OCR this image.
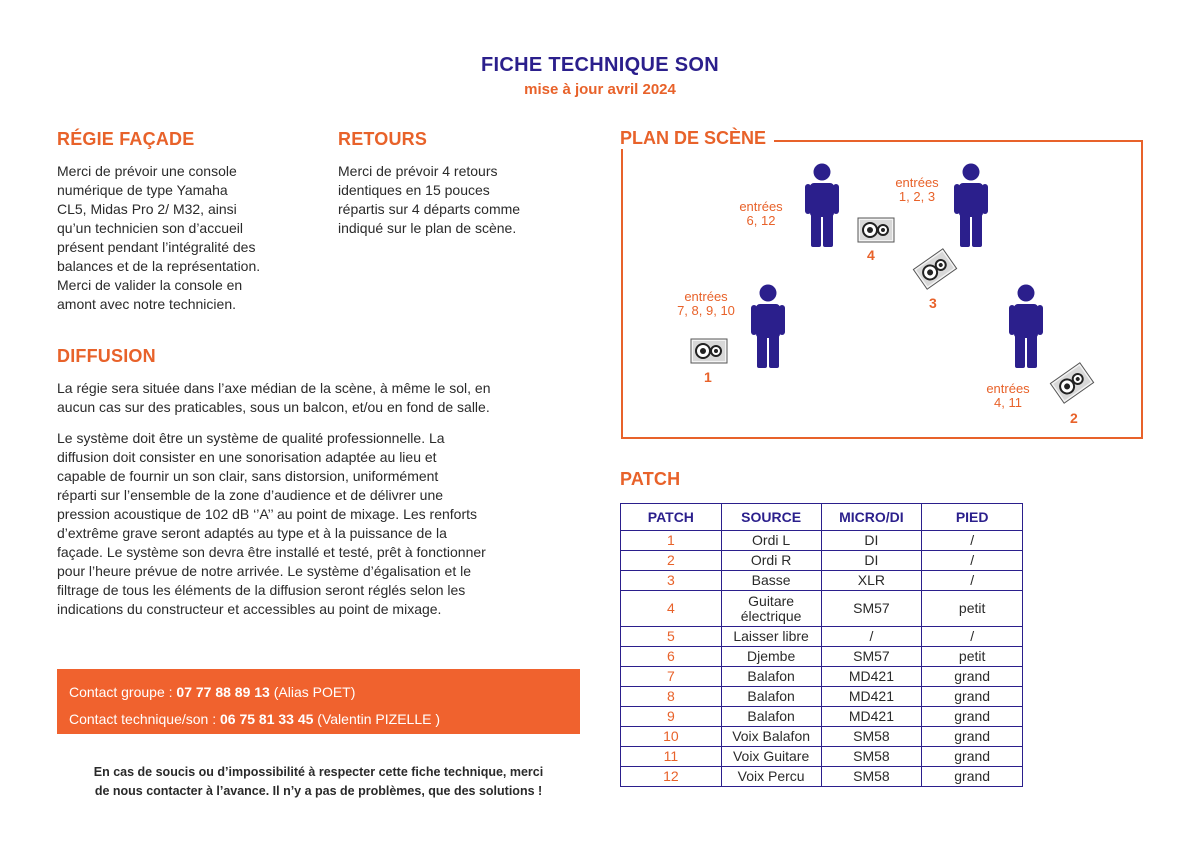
FICHE TECHNIQUE SON
mise à jour avril 2024
RÉGIE FAÇADE
Merci de prévoir une console
numérique de type Yamaha
CL5, Midas Pro 2/ M32, ainsi
qu’un technicien son d’accueil
présent pendant l’intégralité des
balances et de la représentation.
Merci de valider la console en
amont avec notre technicien.
RETOURS
Merci de prévoir 4 retours
identiques en 15 pouces
répartis sur 4 départs comme
indiqué sur le plan de scène.
DIFFUSION
La régie sera située dans l’axe médian de la scène, à même le sol, en
aucun cas sur des praticables, sous un balcon, et/ou en fond de salle.
Le système doit être un système de qualité professionnelle. La
diffusion doit consister en une sonorisation adaptée au lieu et
capable de fournir un son clair, sans distorsion, uniformément
réparti sur l’ensemble de la zone d’audience et de délivrer une
pression acoustique de 102 dB ‘’A’’ au point de mixage. Les renforts
d’extrême grave seront adaptés au type et à la puissance de la
façade. Le système son devra être installé et testé, prêt à fonctionner
pour l’heure prévue de notre arrivée. Le système d’égalisation et le
filtrage de tous les éléments de la diffusion seront réglés selon les
indications du constructeur et accessibles au point de mixage.
Contact groupe : 07 77 88 89 13 (Alias POET)
Contact technique/son : 06 75 81 33 45 (Valentin PIZELLE )
En cas de soucis ou d’impossibilité à respecter cette fiche technique, merci
de nous contacter à l’avance. Il n’y a pas de problèmes, que des solutions !
PLAN DE SCÈNE
entrées
6, 12
entrées
1, 2, 3
entrées
7, 8, 9, 10
entrées
4, 11
1
2
3
4
PATCH
PATCH	SOURCE	MICRO/DI	PIED
1	Ordi L	DI	/
2	Ordi R	DI	/
3	Basse	XLR	/
4	Guitare
électrique	SM57	petit
5	Laisser libre	/	/
6	Djembe	SM57	petit
7	Balafon	MD421	grand
8	Balafon	MD421	grand
9	Balafon	MD421	grand
10	Voix Balafon	SM58	grand
11	Voix Guitare	SM58	grand
12	Voix Percu	SM58	grand
